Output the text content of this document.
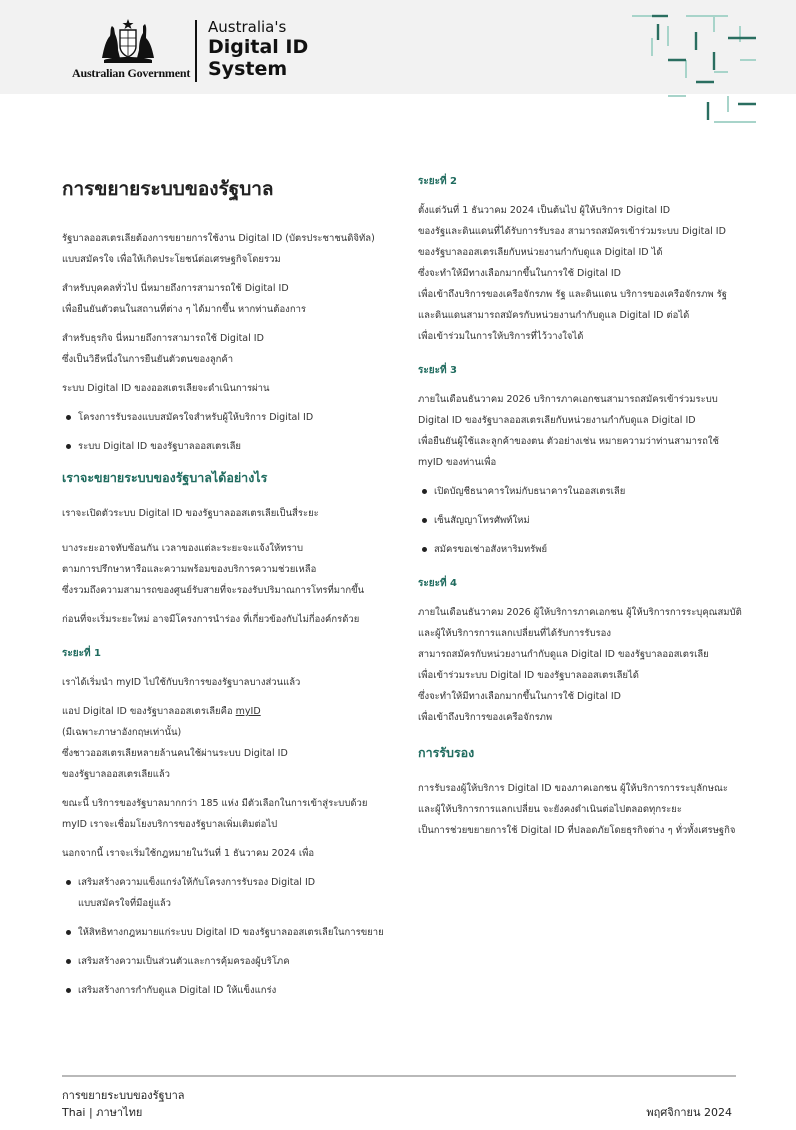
Australian Government
Australia's
Digital ID
System
การขยายระบบของรัฐบาล
รัฐบาลออสเตรเลียต้องการขยายการใช้งาน Digital ID (บัตรประชาชนดิจิทัล)
แบบสมัครใจ เพื่อให้เกิดประโยชน์ต่อเศรษฐกิจโดยรวม
สำหรับบุคคลทั่วไป นี่หมายถึงการสามารถใช้ Digital ID
เพื่อยืนยันตัวตนในสถานที่ต่าง ๆ ได้มากขึ้น หากท่านต้องการ
สำหรับธุรกิจ นี่หมายถึงการสามารถใช้ Digital ID
ซึ่งเป็นวิธีหนึ่งในการยืนยันตัวตนของลูกค้า
ระบบ Digital ID ของออสเตรเลียจะดำเนินการผ่าน
โครงการรับรองแบบสมัครใจสำหรับผู้ให้บริการ Digital ID
ระบบ Digital ID ของรัฐบาลออสเตรเลีย
เราจะขยายระบบของรัฐบาลได้อย่างไร
เราจะเปิดตัวระบบ Digital ID ของรัฐบาลออสเตรเลียเป็นสี่ระยะ
บางระยะอาจทับซ้อนกัน เวลาของแต่ละระยะจะแจ้งให้ทราบ
ตามการปรึกษาหารือและความพร้อมของบริการความช่วยเหลือ
ซึ่งรวมถึงความสามารถของศูนย์รับสายที่จะรองรับปริมาณการโทรที่มากขึ้น
ก่อนที่จะเริ่มระยะใหม่ อาจมีโครงการนำร่อง ที่เกี่ยวข้องกับไม่กี่องค์กรด้วย
ระยะที่ 1
เราได้เริ่มนำ myID ไปใช้กับบริการของรัฐบาลบางส่วนแล้ว
แอป Digital ID ของรัฐบาลออสเตรเลียคือ myID
(มีเฉพาะภาษาอังกฤษเท่านั้น)
ซึ่งชาวออสเตรเลียหลายล้านคนใช้ผ่านระบบ Digital ID
ของรัฐบาลออสเตรเลียแล้ว
ขณะนี้ บริการของรัฐบาลมากกว่า 185 แห่ง มีตัวเลือกในการเข้าสู่ระบบด้วย
myID เราจะเชื่อมโยงบริการของรัฐบาลเพิ่มเติมต่อไป
นอกจากนี้ เราจะเริ่มใช้กฎหมายในวันที่ 1 ธันวาคม 2024 เพื่อ
เสริมสร้างความแข็งแกร่งให้กับโครงการรับรอง Digital ID
แบบสมัครใจที่มีอยู่แล้ว
ให้สิทธิทางกฎหมายแก่ระบบ Digital ID ของรัฐบาลออสเตรเลียในการขยาย
เสริมสร้างความเป็นส่วนตัวและการคุ้มครองผู้บริโภค
เสริมสร้างการกำกับดูแล Digital ID ให้แข็งแกร่ง
ระยะที่ 2
ตั้งแต่วันที่ 1 ธันวาคม 2024 เป็นต้นไป ผู้ให้บริการ Digital ID
ของรัฐและดินแดนที่ได้รับการรับรอง สามารถสมัครเข้าร่วมระบบ Digital ID
ของรัฐบาลออสเตรเลียกับหน่วยงานกำกับดูแล Digital ID ได้
ซึ่งจะทำให้มีทางเลือกมากขึ้นในการใช้ Digital ID
เพื่อเข้าถึงบริการของเครือจักรภพ รัฐ และดินแดน บริการของเครือจักรภพ รัฐ
และดินแดนสามารถสมัครกับหน่วยงานกำกับดูแล Digital ID ต่อได้
เพื่อเข้าร่วมในการให้บริการที่ไว้วางใจได้
ระยะที่ 3
ภายในเดือนธันวาคม 2026 บริการภาคเอกชนสามารถสมัครเข้าร่วมระบบ
Digital ID ของรัฐบาลออสเตรเลียกับหน่วยงานกำกับดูแล Digital ID
เพื่อยืนยันผู้ใช้และลูกค้าของตน ตัวอย่างเช่น หมายความว่าท่านสามารถใช้
myID ของท่านเพื่อ
เปิดบัญชีธนาคารใหม่กับธนาคารในออสเตรเลีย
เซ็นสัญญาโทรศัพท์ใหม่
สมัครขอเช่าอสังหาริมทรัพย์
ระยะที่ 4
ภายในเดือนธันวาคม 2026 ผู้ให้บริการภาคเอกชน ผู้ให้บริการการระบุคุณสมบัติ
และผู้ให้บริการการแลกเปลี่ยนที่ได้รับการรับรอง
สามารถสมัครกับหน่วยงานกำกับดูแล Digital ID ของรัฐบาลออสเตรเลีย
เพื่อเข้าร่วมระบบ Digital ID ของรัฐบาลออสเตรเลียได้
ซึ่งจะทำให้มีทางเลือกมากขึ้นในการใช้ Digital ID
เพื่อเข้าถึงบริการของเครือจักรภพ
การรับรอง
การรับรองผู้ให้บริการ Digital ID ของภาคเอกชน ผู้ให้บริการการระบุลักษณะ
และผู้ให้บริการการแลกเปลี่ยน จะยังคงดำเนินต่อไปตลอดทุกระยะ
เป็นการช่วยขยายการใช้ Digital ID ที่ปลอดภัยโดยธุรกิจต่าง ๆ ทั่วทั้งเศรษฐกิจ
การขยายระบบของรัฐบาล
Thai | ภาษาไทย	พฤศจิกายน 2024
